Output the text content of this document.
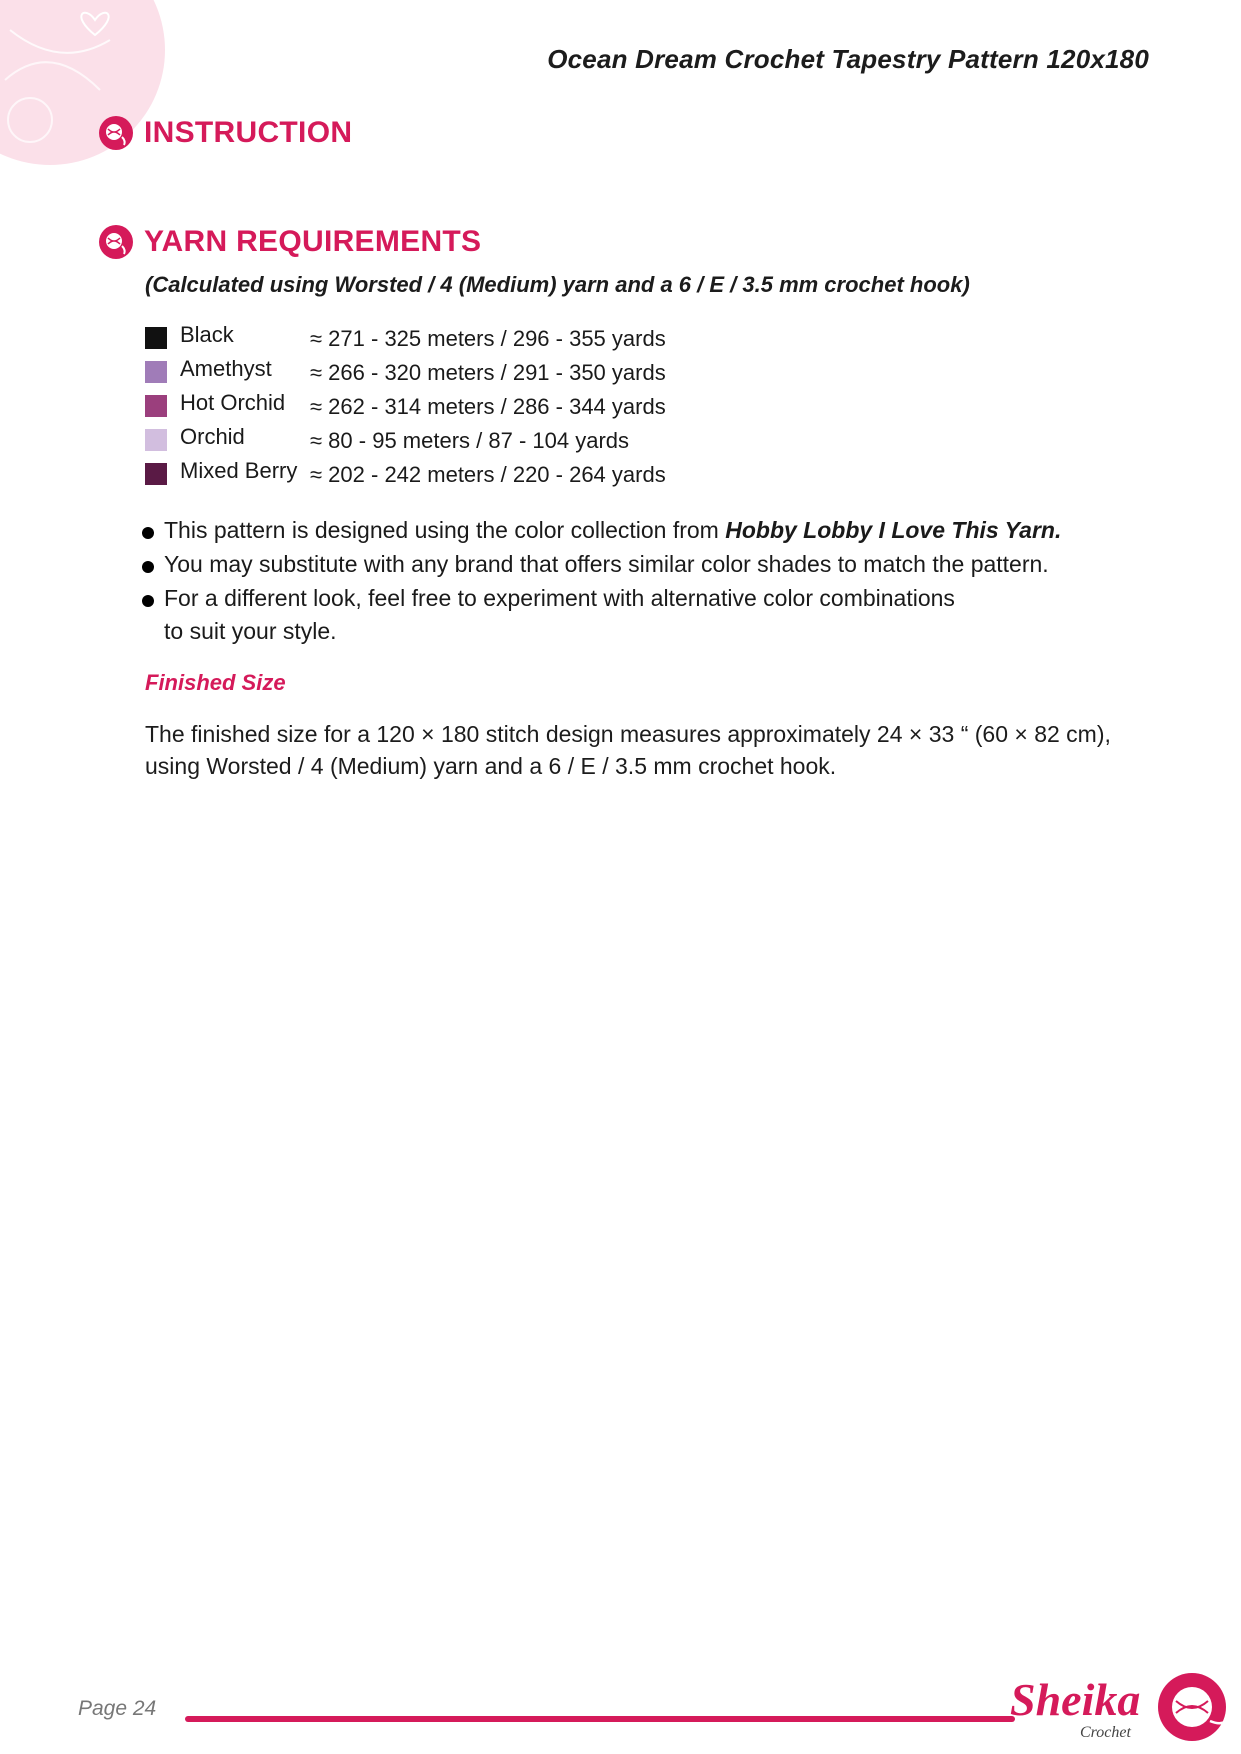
Ocean Dream Crochet Tapestry Pattern 120x180
INSTRUCTION
YARN REQUIREMENTS
(Calculated using Worsted / 4 (Medium) yarn and a 6 / E / 3.5 mm crochet hook)
Black	≈ 271 - 325 meters / 296 - 355 yards
Amethyst ≈ 266 - 320 meters / 291 - 350 yards
Hot Orchid ≈ 262 - 314 meters / 286 - 344 yards
Orchid	≈ 80 - 95 meters / 87 - 104 yards
Mixed Berry ≈ 202 - 242 meters / 220 - 264 yards
This pattern is designed using the color collection from Hobby Lobby I Love This Yarn.
You may substitute with any brand that offers similar color shades to match the pattern.
For a different look, feel free to experiment with alternative color combinations
to suit your style.
Finished Size
The finished size for a 120 × 180 stitch design measures approximately 24 × 33 “ (60 × 82 cm),
using Worsted / 4 (Medium) yarn and a 6 / E / 3.5 mm crochet hook.
Page 24	Sheika
Crochet
